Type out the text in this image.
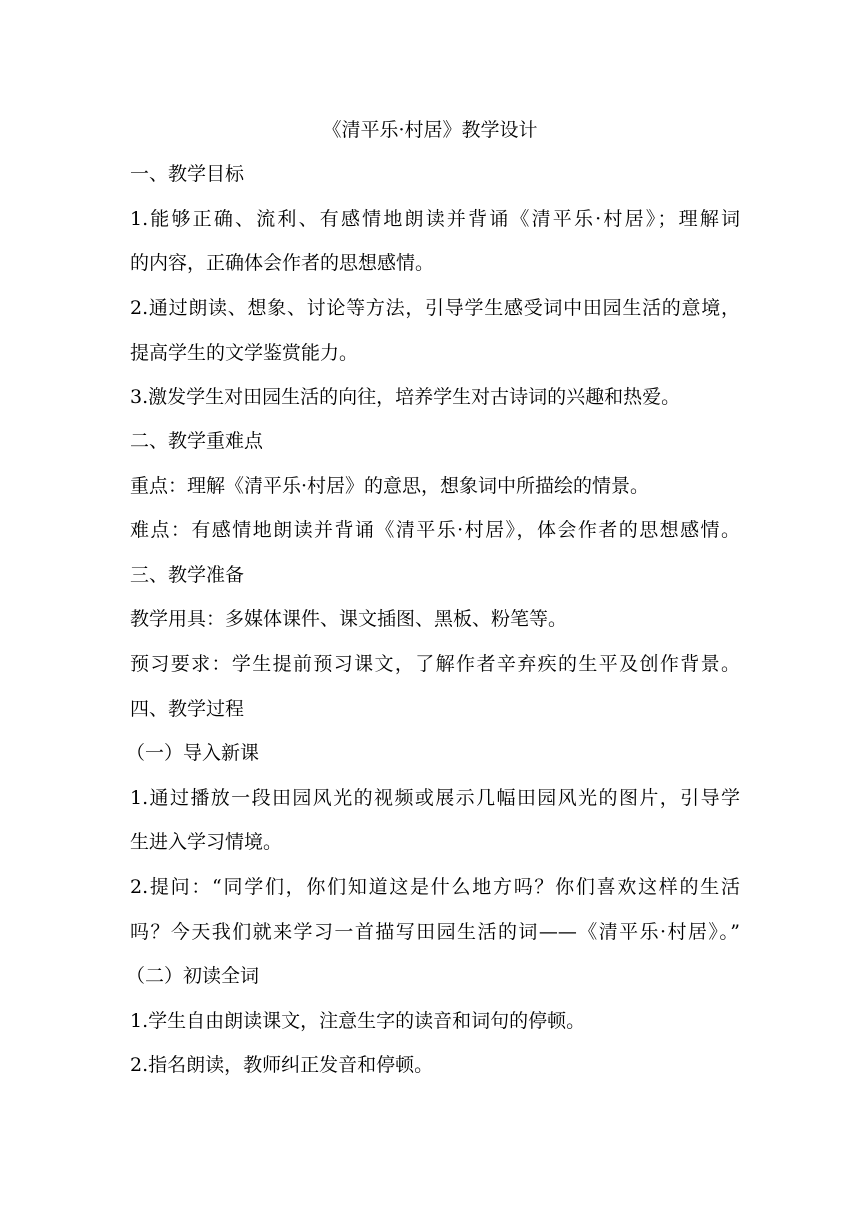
《清平乐·村居》教学设计
一、教学目标
1.能够正确、流利、有感情地朗读并背诵《清平乐·村居》；理解词
的内容，正确体会作者的思想感情。
2.通过朗读、想象、讨论等方法，引导学生感受词中田园生活的意境，
提高学生的文学鉴赏能力。
3.激发学生对田园生活的向往，培养学生对古诗词的兴趣和热爱。
二、教学重难点
重点：理解《清平乐·村居》的意思，想象词中所描绘的情景。
难点：有感情地朗读并背诵《清平乐·村居》，体会作者的思想感情。
三、教学准备
教学用具：多媒体课件、课文插图、黑板、粉笔等。
预习要求：学生提前预习课文，了解作者辛弃疾的生平及创作背景。
四、教学过程
（一）导入新课
1.通过播放一段田园风光的视频或展示几幅田园风光的图片，引导学
生进入学习情境。
2.提问：“同学们，你们知道这是什么地方吗？你们喜欢这样的生活
吗？今天我们就来学习一首描写田园生活的词——《清平乐·村居》。”
（二）初读全词
1.学生自由朗读课文，注意生字的读音和词句的停顿。
2.指名朗读，教师纠正发音和停顿。
